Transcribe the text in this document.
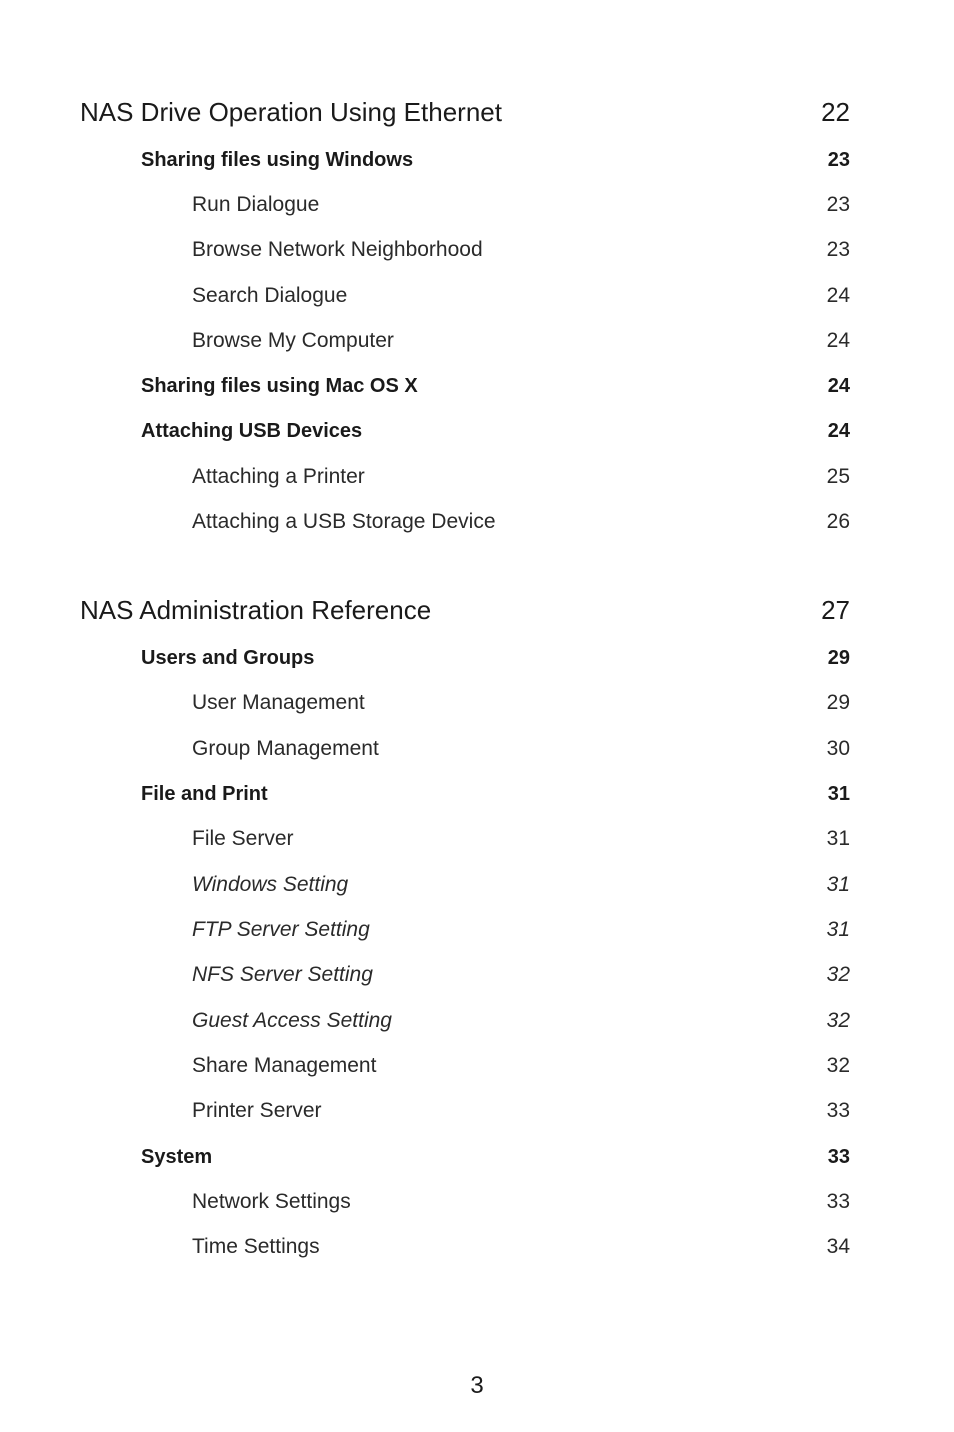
NAS Drive Operation Using Ethernet	22
Sharing files using Windows	23
Run Dialogue	23
Browse Network Neighborhood	23
Search Dialogue	24
Browse My Computer	24
Sharing files using Mac OS X	24
Attaching USB Devices	24
Attaching a Printer	25
Attaching a USB Storage Device	26
NAS Administration Reference	27
Users and Groups	29
User Management	29
Group Management	30
File and Print	31
File Server	31
Windows Setting	31
FTP Server Setting	31
NFS Server Setting	32
Guest Access Setting	32
Share Management	32
Printer Server	33
System	33
Network Settings	33
Time Settings	34
3
